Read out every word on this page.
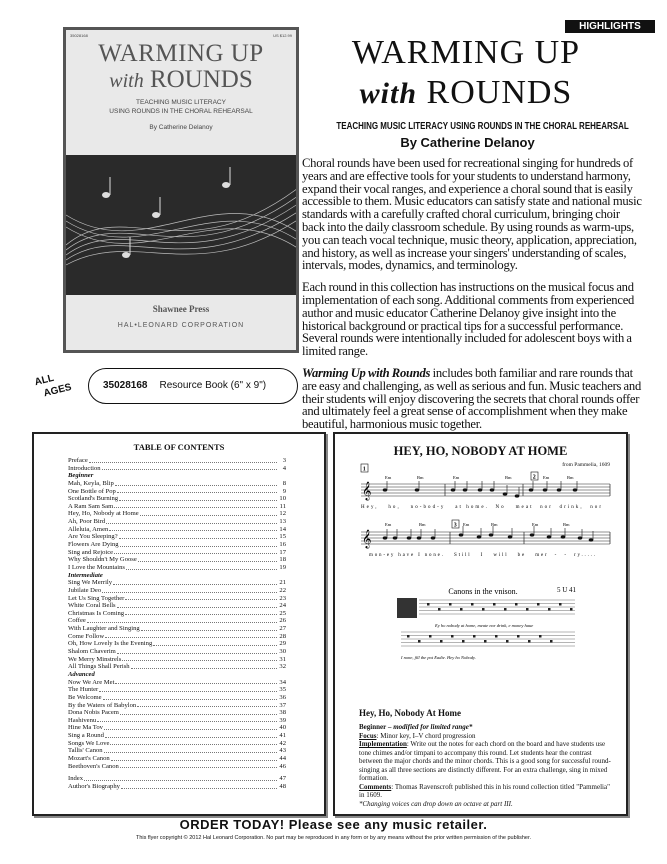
HIGHLIGHTS
35028168	US $12.99
WARMING UP
with ROUNDS
TEACHING MUSIC LITERACY
USING ROUNDS IN THE CHORAL REHEARSAL
By Catherine Delanoy
Shawnee Press
HAL•LEONARD CORPORATION
WARMING UP
with ROUNDS
TEACHING MUSIC LITERACY USING ROUNDS IN THE CHORAL REHEARSAL
By Catherine Delanoy
Choral rounds have been used for recreational singing for hundreds of years and are effective tools for your students to understand harmony, expand their vocal ranges, and experience a choral sound that is easily accessible to them. Music educators can satisfy state and national music standards with a carefully crafted choral curriculum, bringing choir back into the daily classroom schedule. By using rounds as warm-ups, you can teach vocal technique, music theory, application, appreciation, and history, as well as increase your singers' understanding of scales, intervals, modes, dynamics, and terminology.
Each round in this collection has instructions on the musical focus and implementation of each song. Additional comments from experienced author and music educator Catherine Delanoy give insight into the historical background or practical tips for a successful performance. Several rounds were intentionally included for adolescent boys with a limited range.
Warming Up with Rounds includes both familiar and rare rounds that are easy and challenging, as well as serious and fun. Music teachers and their students will enjoy discovering the secrets that choral rounds offer and ultimately feel a great sense of accomplishment when they make beautiful, harmonious music together.
ALL
AGES	35028168 Resource Book (6" x 9")
TABLE OF CONTENTS
Preface	3
Introduction	4
Beginner
Mah, Keyla, Blip	8
One Bottle of Pop	9
Scotland's Burning	10
A Ram Sam Sam	11
Hey, Ho, Nobody at Home	12
Ah, Poor Bird	13
Alleluia, Amen	14
Are You Sleeping?	15
Flowers Are Dying	16
Sing and Rejoice	17
Why Shouldn't My Goose	18
I Love the Mountains	19
Intermediate
Sing We Merrily	21
Jubilate Deo	22
Let Us Sing Together	23
White Coral Bells	24
Christmas Is Coming	25
Coffee	26
With Laughter and Singing	27
Come Follow	28
Oh, How Lovely Is the Evening	29
Shalom Chaverim	30
We Merry Minstrels	31
All Things Shall Perish	32
Advanced
Now We Are Met	34
The Hunter	35
Be Welcome	36
By the Waters of Babylon	37
Dona Nobis Pacem	38
Hashivenu	39
Hine Ma Tov	40
Sing a Round	41
Songs We Love	42
Tallis' Canon	43
Mozart's Canon	44
Beethoven's Canon	46
Index	47
Author's Biography	48
HEY, HO, NOBODY AT HOME
from Pammelia, 1609
Canons in the vnison.	5 U 41
Ey ho nobody at home, meate nor drink, e money haue
I none, fill the pot Eadie. Hey ho Nobody.
Hey,   ho,   no-bod-y   at home.  No   meat  nor  drink,  nor
mon-ey have I none.   Still   I   will   be   mer  -  -  ry.....
𝄞
𝄞
Em	Bm	Em	Bm	Em	Bm
Em	Bm	Em	Bm	Em	Bm
1
2
3
Hey, Ho, Nobody At Home
Beginner – modified for limited range*
Focus: Minor key, I–V chord progression
Implementation: Write out the notes for each chord on the board and have students use tone chimes and/or timpani to accompany this round. Let students hear the contrast between the major chords and the minor chords. This is a good song for successful round-singing as all three sections are distinctly different. For an extra challenge, sing in mixed formation.
Comments: Thomas Ravenscroft published this in his round collection titled "Pammelia" in 1609.
*Changing voices can drop down an octave at part III.
ORDER TODAY! Please see any music retailer.
This flyer copyright © 2012 Hal Leonard Corporation. No part may be reproduced in any form or by any means without the prior written permission of the publisher.
